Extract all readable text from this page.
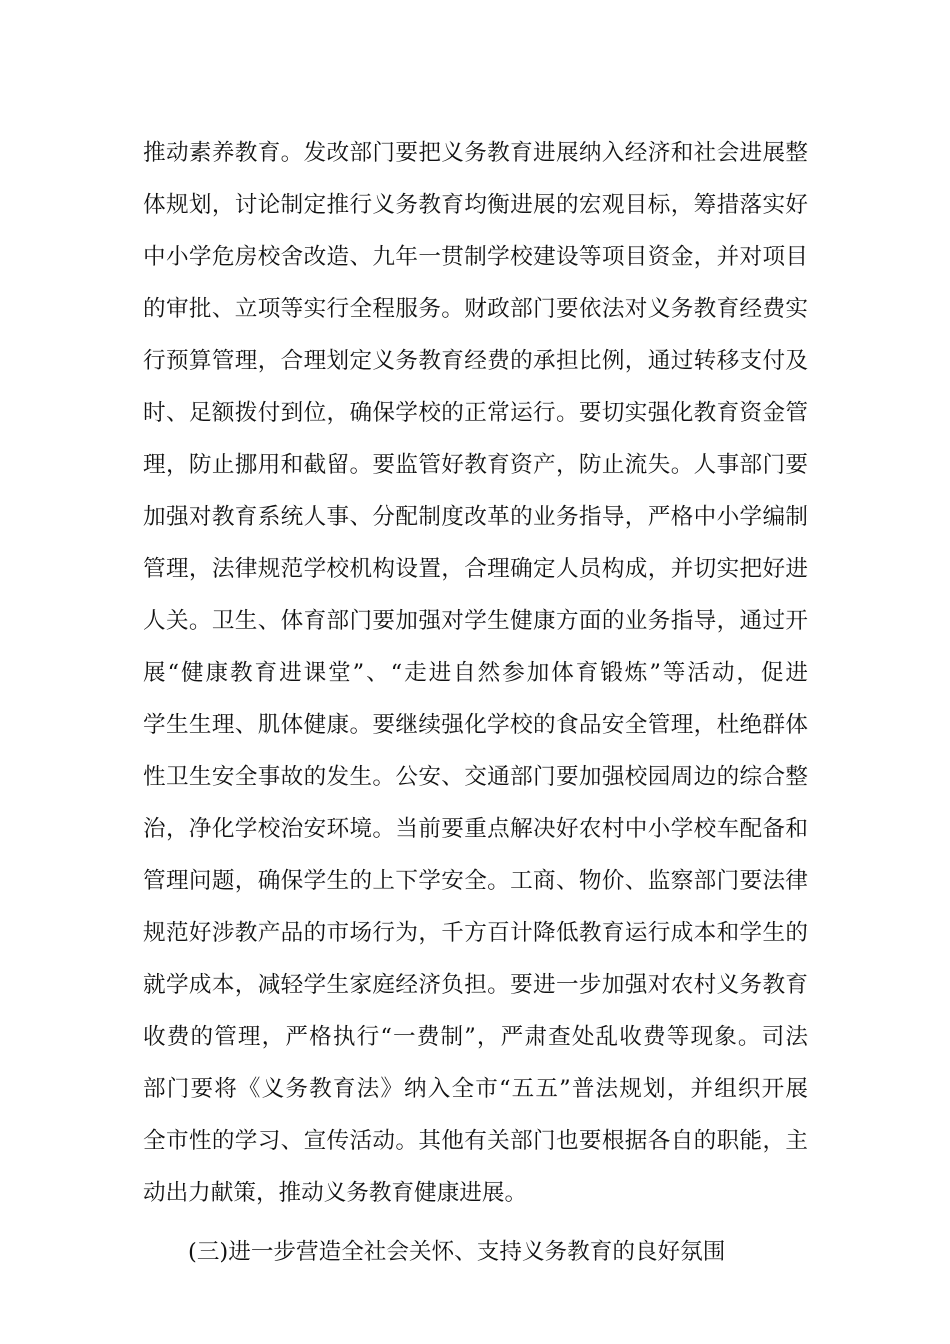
推动素养教育。发改部门要把义务教育进展纳入经济和社会进展整
体规划，讨论制定推行义务教育均衡进展的宏观目标，筹措落实好
中小学危房校舍改造、九年一贯制学校建设等项目资金，并对项目
的审批、立项等实行全程服务。财政部门要依法对义务教育经费实
行预算管理，合理划定义务教育经费的承担比例，通过转移支付及
时、足额拨付到位，确保学校的正常运行。要切实强化教育资金管
理，防止挪用和截留。要监管好教育资产，防止流失。人事部门要
加强对教育系统人事、分配制度改革的业务指导，严格中小学编制
管理，法律规范学校机构设置，合理确定人员构成，并切实把好进
人关。卫生、体育部门要加强对学生健康方面的业务指导，通过开
展“健康教育进课堂”、“走进自然参加体育锻炼”等活动，促进
学生生理、肌体健康。要继续强化学校的食品安全管理，杜绝群体
性卫生安全事故的发生。公安、交通部门要加强校园周边的综合整
治，净化学校治安环境。当前要重点解决好农村中小学校车配备和
管理问题，确保学生的上下学安全。工商、物价、监察部门要法律
规范好涉教产品的市场行为，千方百计降低教育运行成本和学生的
就学成本，减轻学生家庭经济负担。要进一步加强对农村义务教育
收费的管理，严格执行“一费制”，严肃查处乱收费等现象。司法
部门要将《义务教育法》纳入全市“五五”普法规划，并组织开展
全市性的学习、宣传活动。其他有关部门也要根据各自的职能，主
动出力献策，推动义务教育健康进展。
(三)进一步营造全社会关怀、支持义务教育的良好氛围
